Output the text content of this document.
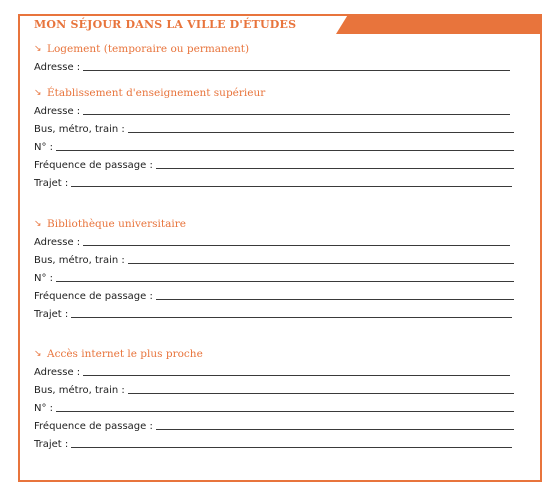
MON SÉJOUR DANS LA VILLE D'ÉTUDES
↘ Logement (temporaire ou permanent)
Adresse :
↘ Établissement d'enseignement supérieur
Adresse :
Bus, métro, train :
N° :
Fréquence de passage :
Trajet :
↘ Bibliothèque universitaire
Adresse :
Bus, métro, train :
N° :
Fréquence de passage :
Trajet :
↘ Accès internet le plus proche
Adresse :
Bus, métro, train :
N° :
Fréquence de passage :
Trajet :
